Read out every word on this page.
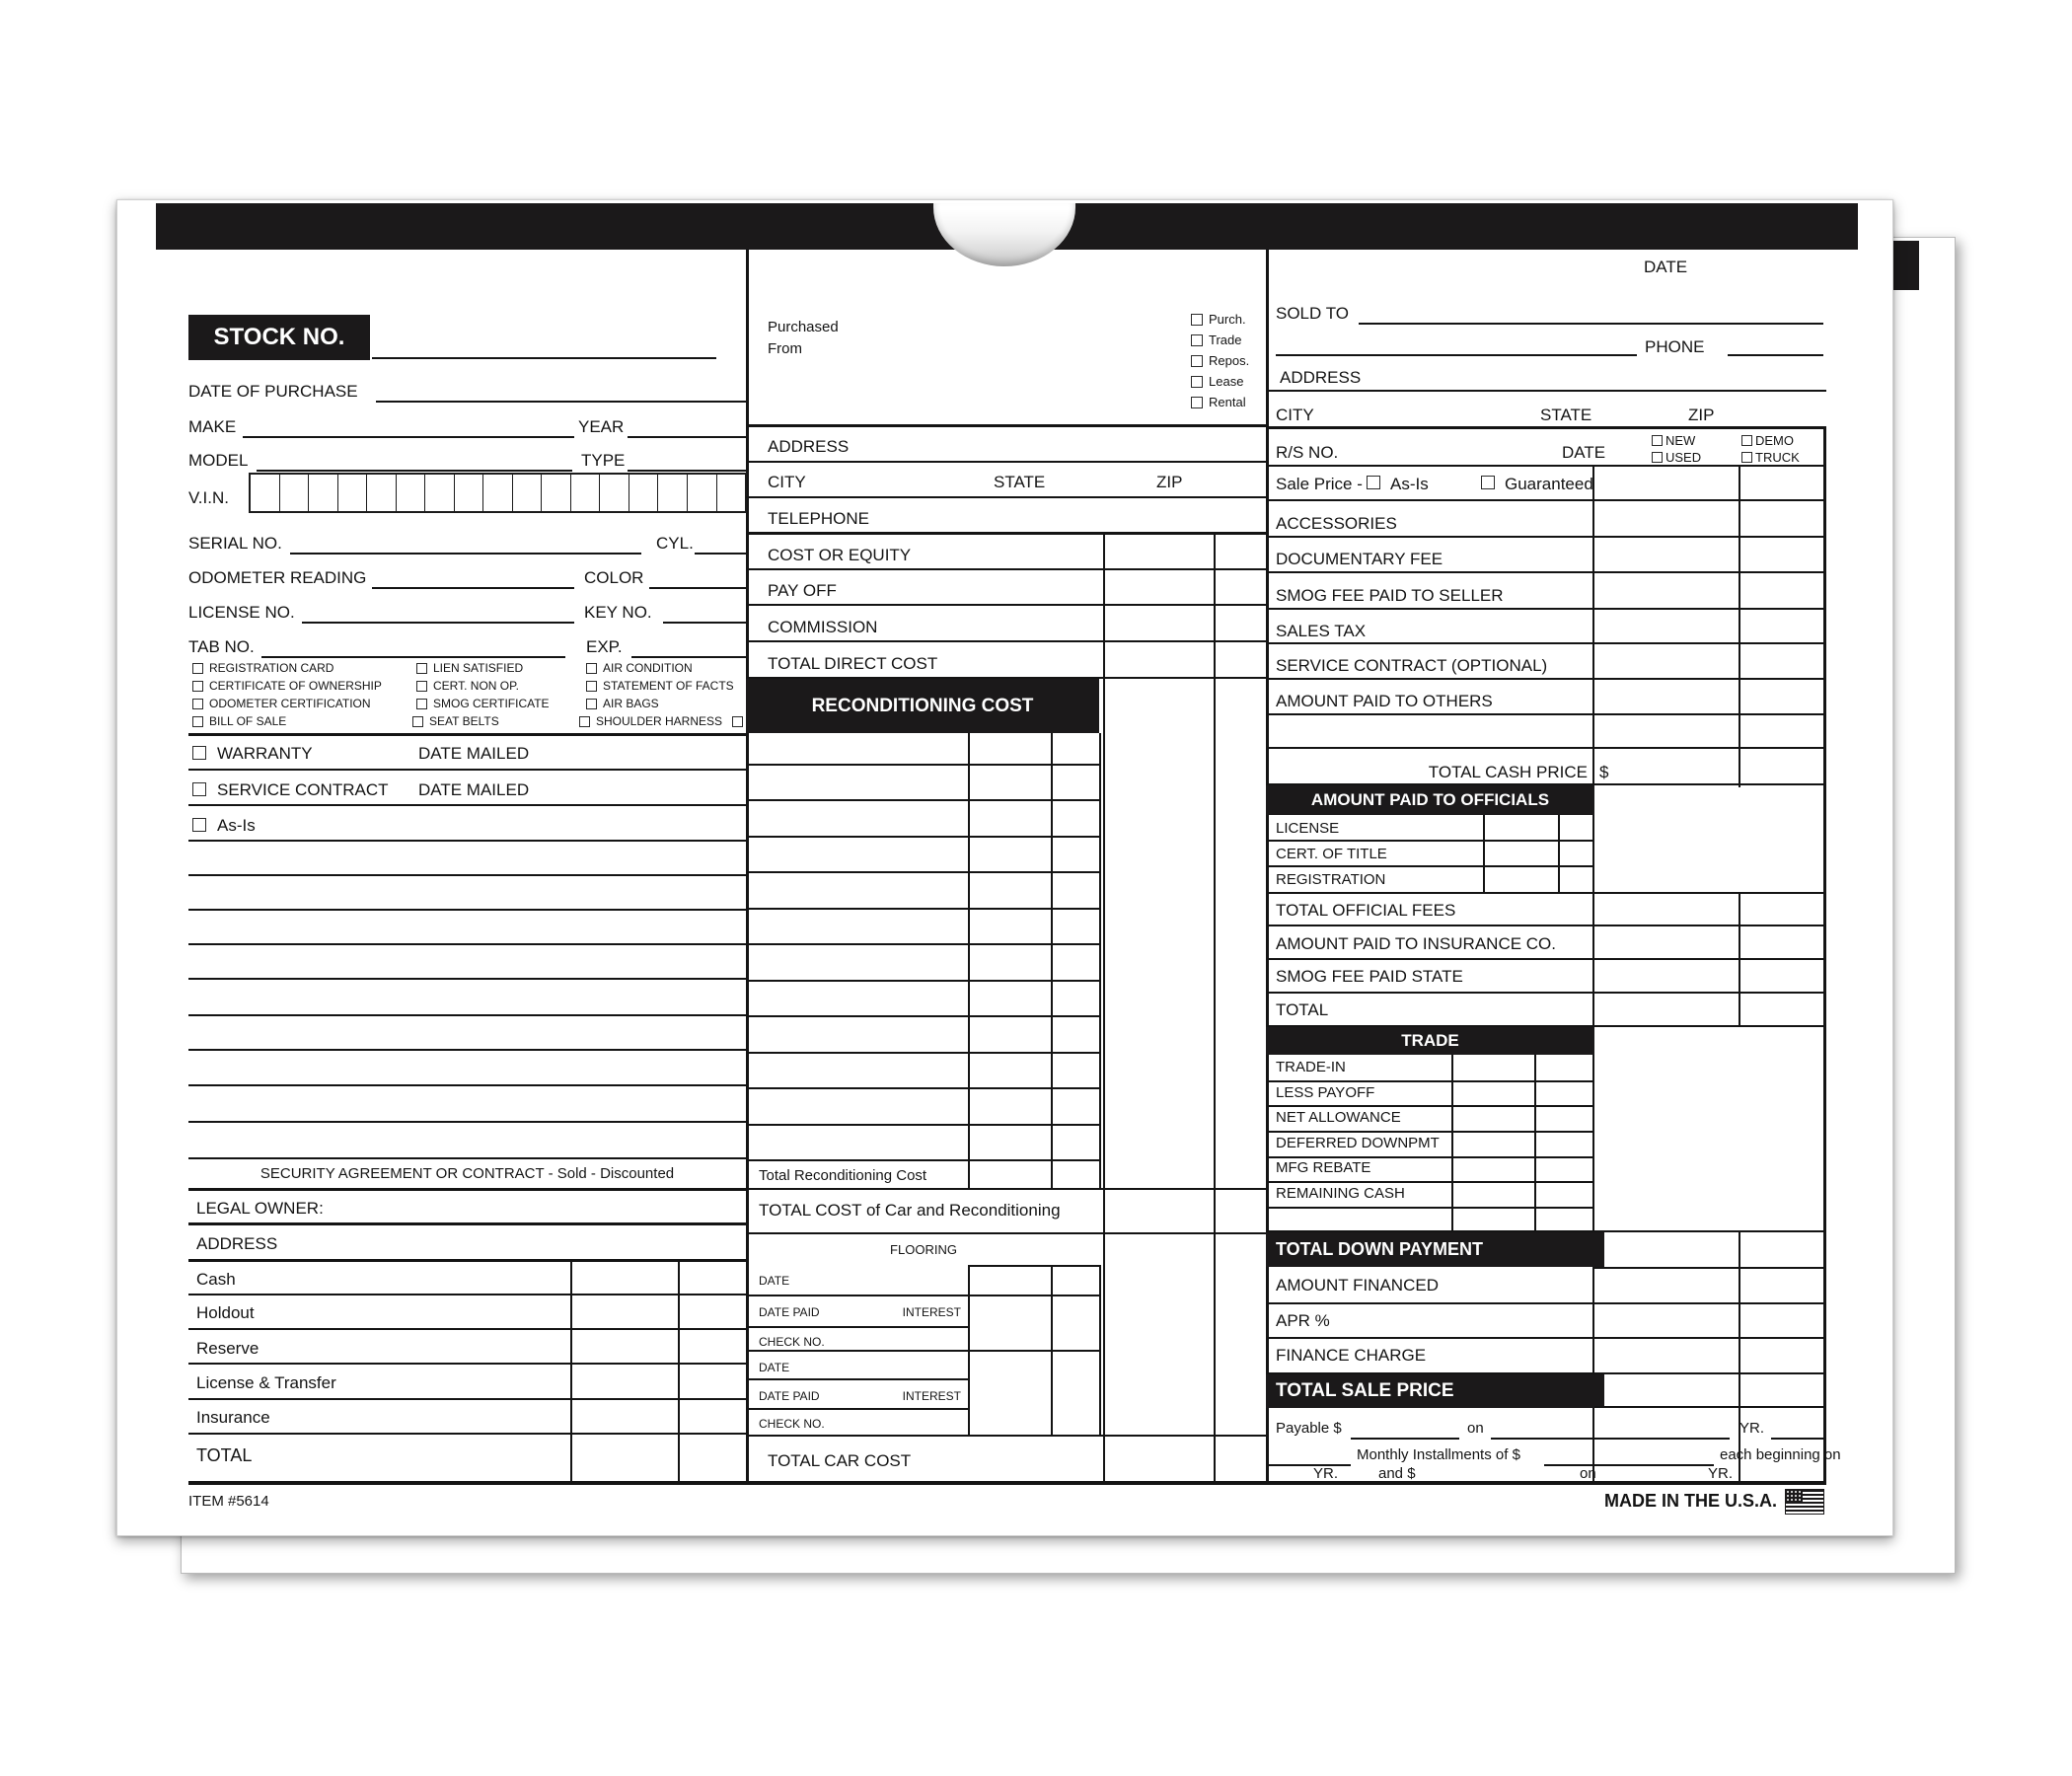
STOCK NO.
DATE OF PURCHASE
MAKE	YEAR
MODEL	TYPE
V.I.N.
SERIAL NO.	CYL.
ODOMETER READING	COLOR
LICENSE NO.	KEY NO.
TAB NO.	EXP.
REGISTRATION CARD	LIEN SATISFIED	AIR CONDITION
CERTIFICATE OF OWNERSHIP	CERT. NON OP.	STATEMENT OF FACTS
ODOMETER CERTIFICATION	SMOG CERTIFICATE	AIR BAGS
BILL OF SALE	SEAT BELTS	SHOULDER HARNESS
WARRANTY	DATE MAILED
SERVICE CONTRACT DATE MAILED
As-Is
SECURITY AGREEMENT OR CONTRACT - Sold - Discounted
LEGAL OWNER:
ADDRESS
Cash
Holdout
Reserve
License & Transfer
Insurance
TOTAL
ITEM #5614
Purchased
From
Purch.
Trade
Repos.
Lease
Rental
ADDRESS
CITY	STATE	ZIP
TELEPHONE
COST OR EQUITY
PAY OFF
COMMISSION
TOTAL DIRECT COST
RECONDITIONING COST
Total Reconditioning Cost
TOTAL COST of Car and Reconditioning
FLOORING
DATE
DATE PAID	INTEREST
CHECK NO.
DATE
DATE PAID	INTEREST
CHECK NO.
TOTAL CAR COST
DATE
SOLD TO
PHONE
ADDRESS
CITY	STATE	ZIP
R/S NO.	DATE
NEW
USED
DEMO
TRUCK
Sale Price - As-Is	Guaranteed
ACCESSORIES
DOCUMENTARY FEE
SMOG FEE PAID TO SELLER
SALES TAX
SERVICE CONTRACT (OPTIONAL)
AMOUNT PAID TO OTHERS
TOTAL CASH PRICE $
AMOUNT PAID TO OFFICIALS
LICENSE
CERT. OF TITLE
REGISTRATION
TOTAL OFFICIAL FEES
AMOUNT PAID TO INSURANCE CO.
SMOG FEE PAID STATE
TOTAL
TRADE
TRADE-IN
LESS PAYOFF
NET ALLOWANCE
DEFERRED DOWNPMT
MFG REBATE
REMAINING CASH
TOTAL DOWN PAYMENT
AMOUNT FINANCED
APR %
FINANCE CHARGE
TOTAL SALE PRICE
Payable $	on	YR.
Monthly Installments of $	each beginning on
YR.	and $	on	YR.
MADE IN THE U.S.A.
